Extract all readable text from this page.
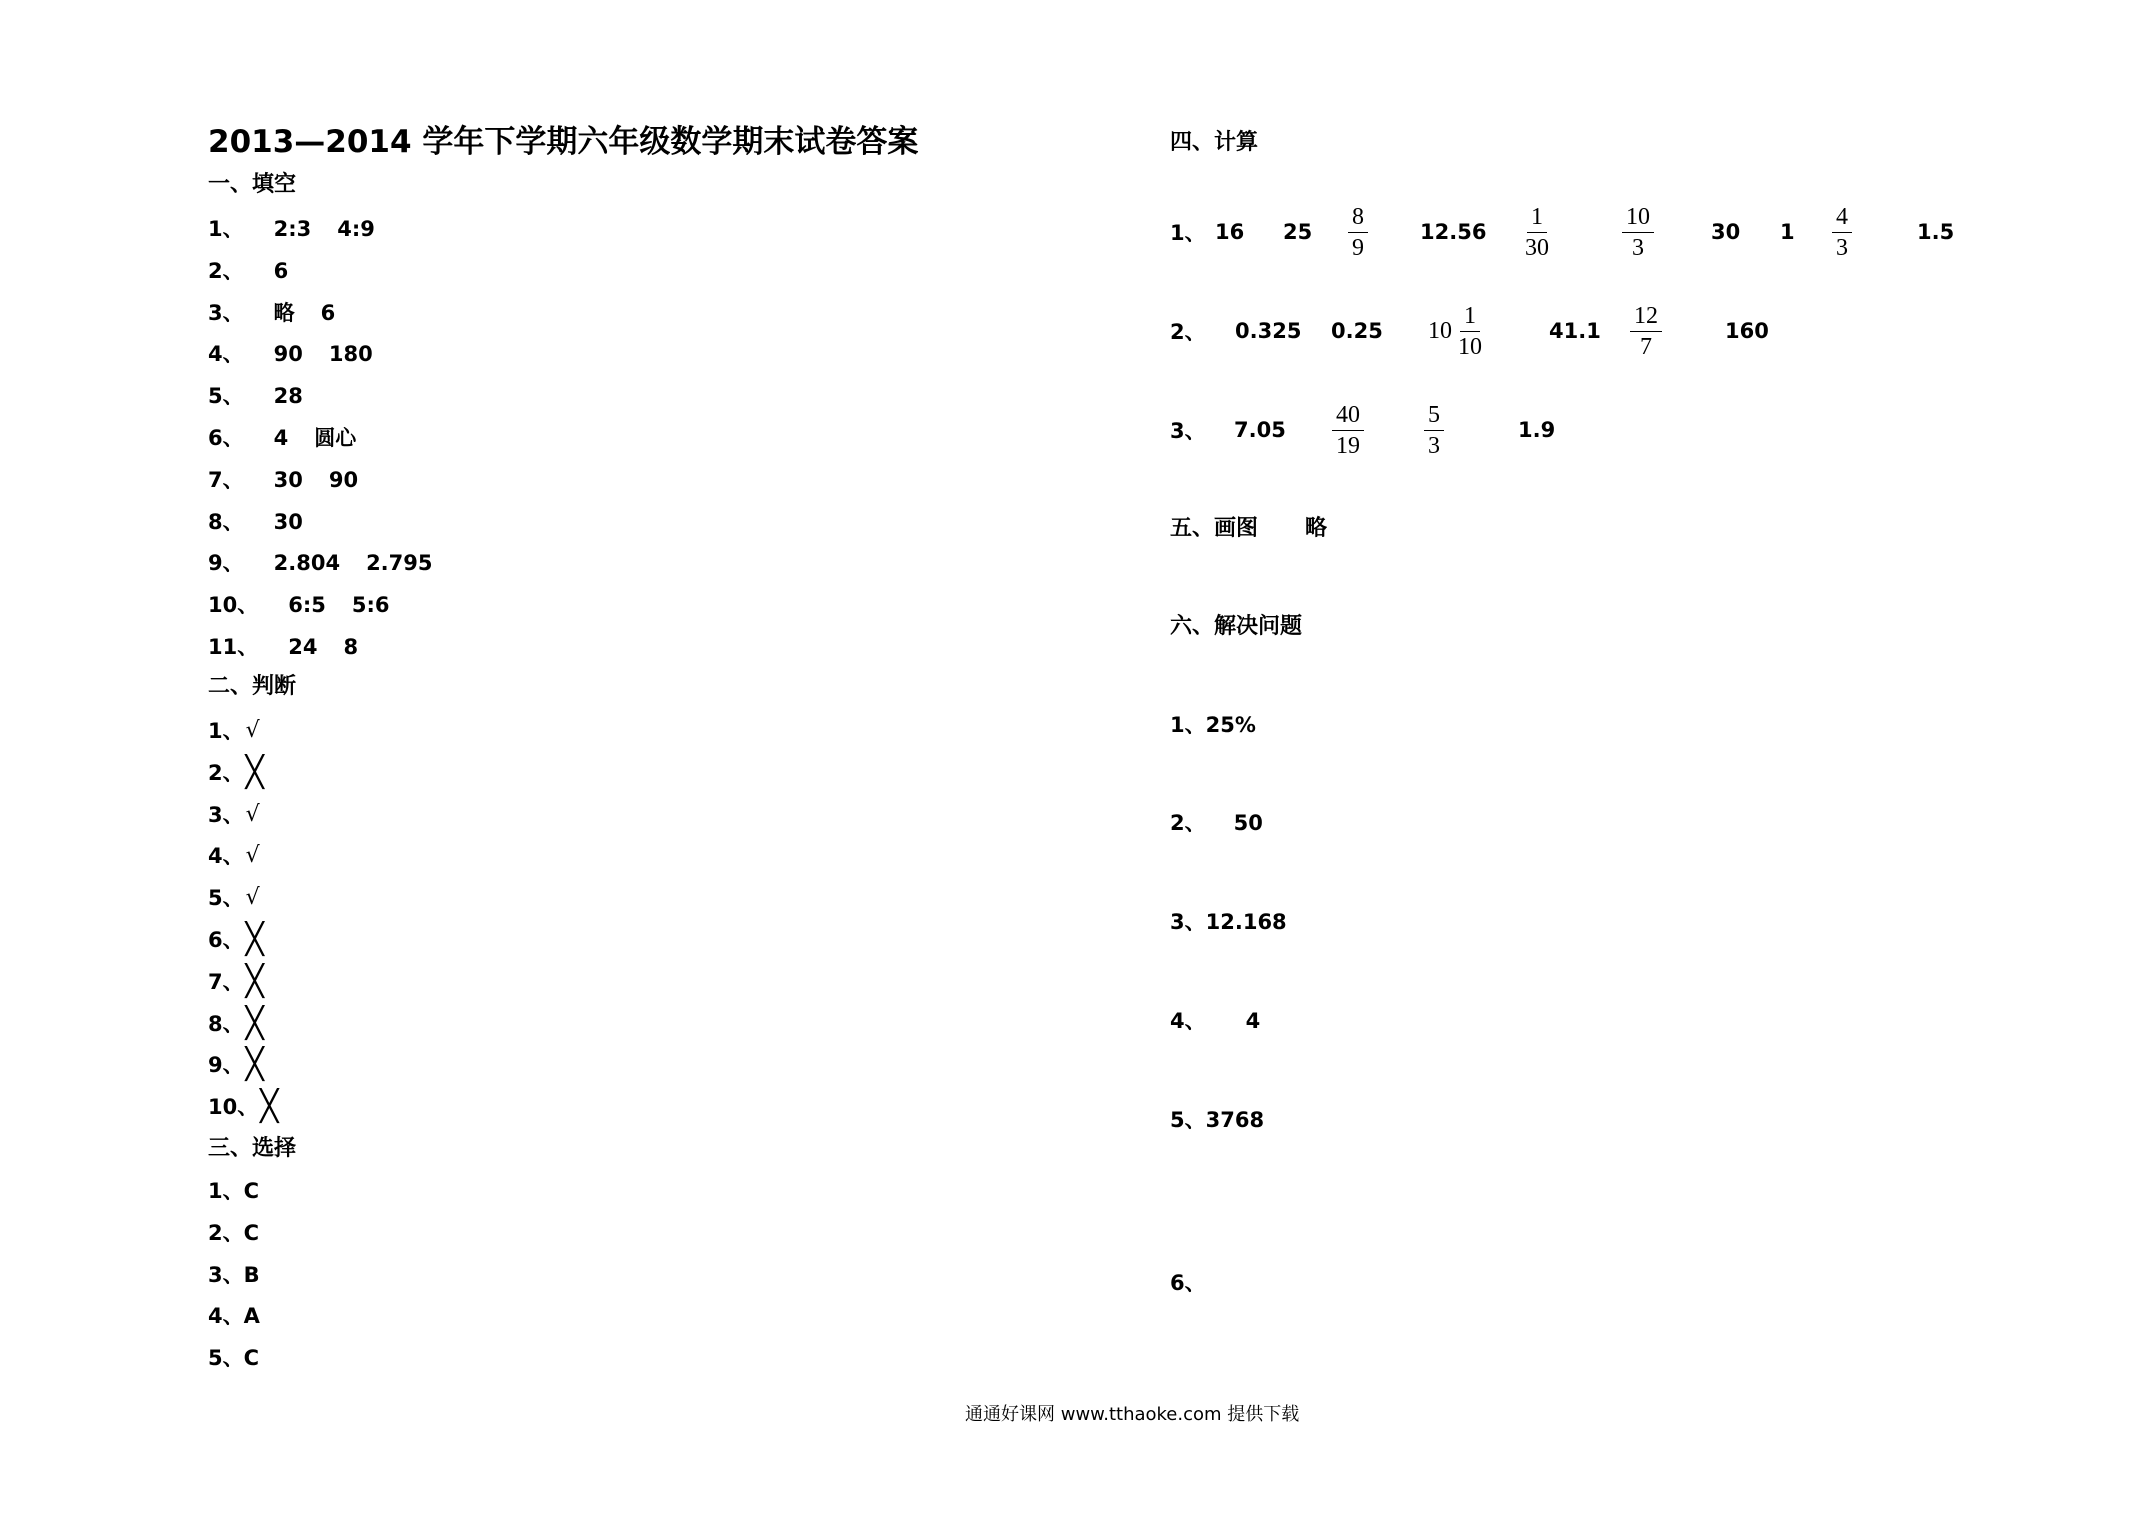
2013—2014 学年下学期六年级数学期末试卷答案
一、填空
1、 2:3 4:9
2、 6
3、 略 6
4、 90 180
5、 28
6、 4 圆心
7、 30 90
8、 30
9、 2.804 2.795
10、 6:5 5:6
11、 24 8
二、判断
1、 √
2、 ╳
3、 √
4、 √
5、 √
6、 ╳
7、 ╳
8、 ╳
9、 ╳
10、 ╳
三、选择
1、 C
2、 C
3、 B
4、 A
5、 C
四、计算
1、 16 $25 \frac{8}{9} 12.56 \frac{1}{30}$	$\frac{10}{3}$	30 $1 \frac{4}{3}$	1.5
2、 0.325 0.25 $10 \frac{1}{10}$	$41.1 \frac{12}{7}$	160
3、 $7.05 \frac{40}{19}$	$\frac{5}{3}$	1.9
五、画图 略
六、解决问题
1、 25%
2、 50
3、 12.168
4、 4
5、 3768
6、
通通好课网 www.tthaoke.com 提供下载
